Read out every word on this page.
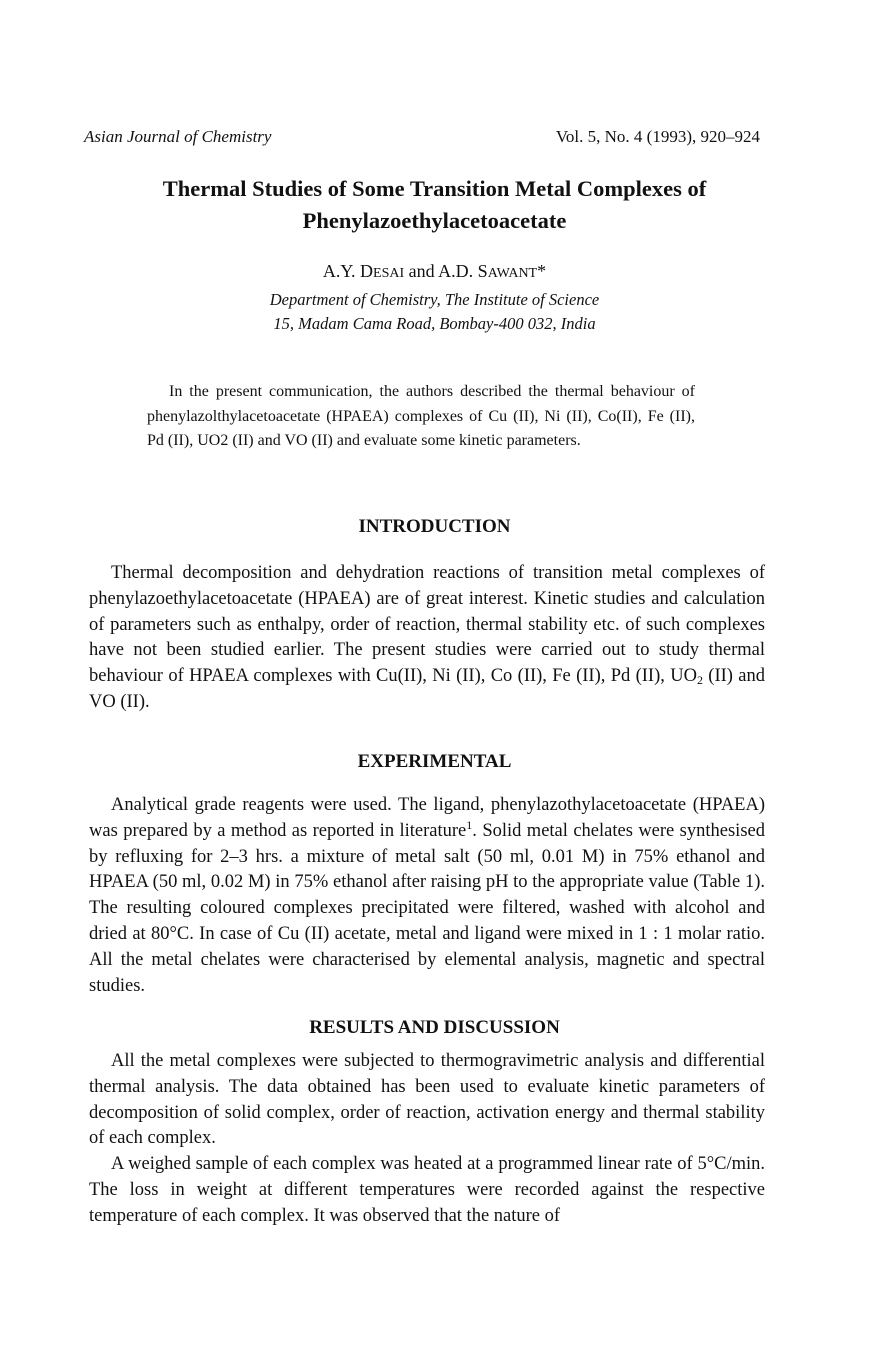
Asian Journal of Chemistry	Vol. 5, No. 4 (1993), 920–924
Thermal Studies of Some Transition Metal Complexes of
Phenylazoethylacetoacetate
A.Y. DESAI and A.D. SAWANT*
Department of Chemistry, The Institute of Science
15, Madam Cama Road, Bombay-400 032, India

In the present communication, the authors described the thermal behaviour of phenylazolthylacetoacetate (HPAEA) complexes of Cu (II), Ni (II), Co(II), Fe (II), Pd (II), UO2 (II) and VO (II) and evaluate some kinetic parameters.

INTRODUCTION

Thermal decomposition and dehydration reactions of transition metal complexes of phenylazoethylacetoacetate (HPAEA) are of great interest. Kinetic studies and calculation of parameters such as enthalpy, order of reaction, thermal stability etc. of such complexes have not been studied earlier. The present studies were carried out to study thermal behaviour of HPAEA complexes with Cu(II), Ni (II), Co (II), Fe (II), Pd (II), $UO_2$ (II) and VO (II).

EXPERIMENTAL

Analytical grade reagents were used. The ligand, phenylazothylacetoacetate (HPAEA) was prepared by a method as reported in literature$^1$. Solid metal chelates were synthesised by refluxing for 2–3 hrs. a mixture of metal salt (50 ml, 0.01 M) in 75% ethanol and HPAEA (50 ml, 0.02 M) in 75% ethanol after raising pH to the appropriate value (Table 1). The resulting coloured complexes precipitated were filtered, washed with alcohol and dried at 80°C. In case of Cu (II) acetate, metal and ligand were mixed in 1 : 1 molar ratio. All the metal chelates were characterised by elemental analysis, magnetic and spectral studies.

RESULTS AND DISCUSSION

All the metal complexes were subjected to thermogravimetric analysis and differential thermal analysis. The data obtained has been used to evaluate kinetic parameters of decomposition of solid complex, order of reaction, activation energy and thermal stability of each complex.

A weighed sample of each complex was heated at a programmed linear rate of 5°C/min. The loss in weight at different temperatures were recorded against the respective temperature of each complex. It was observed that the nature of
